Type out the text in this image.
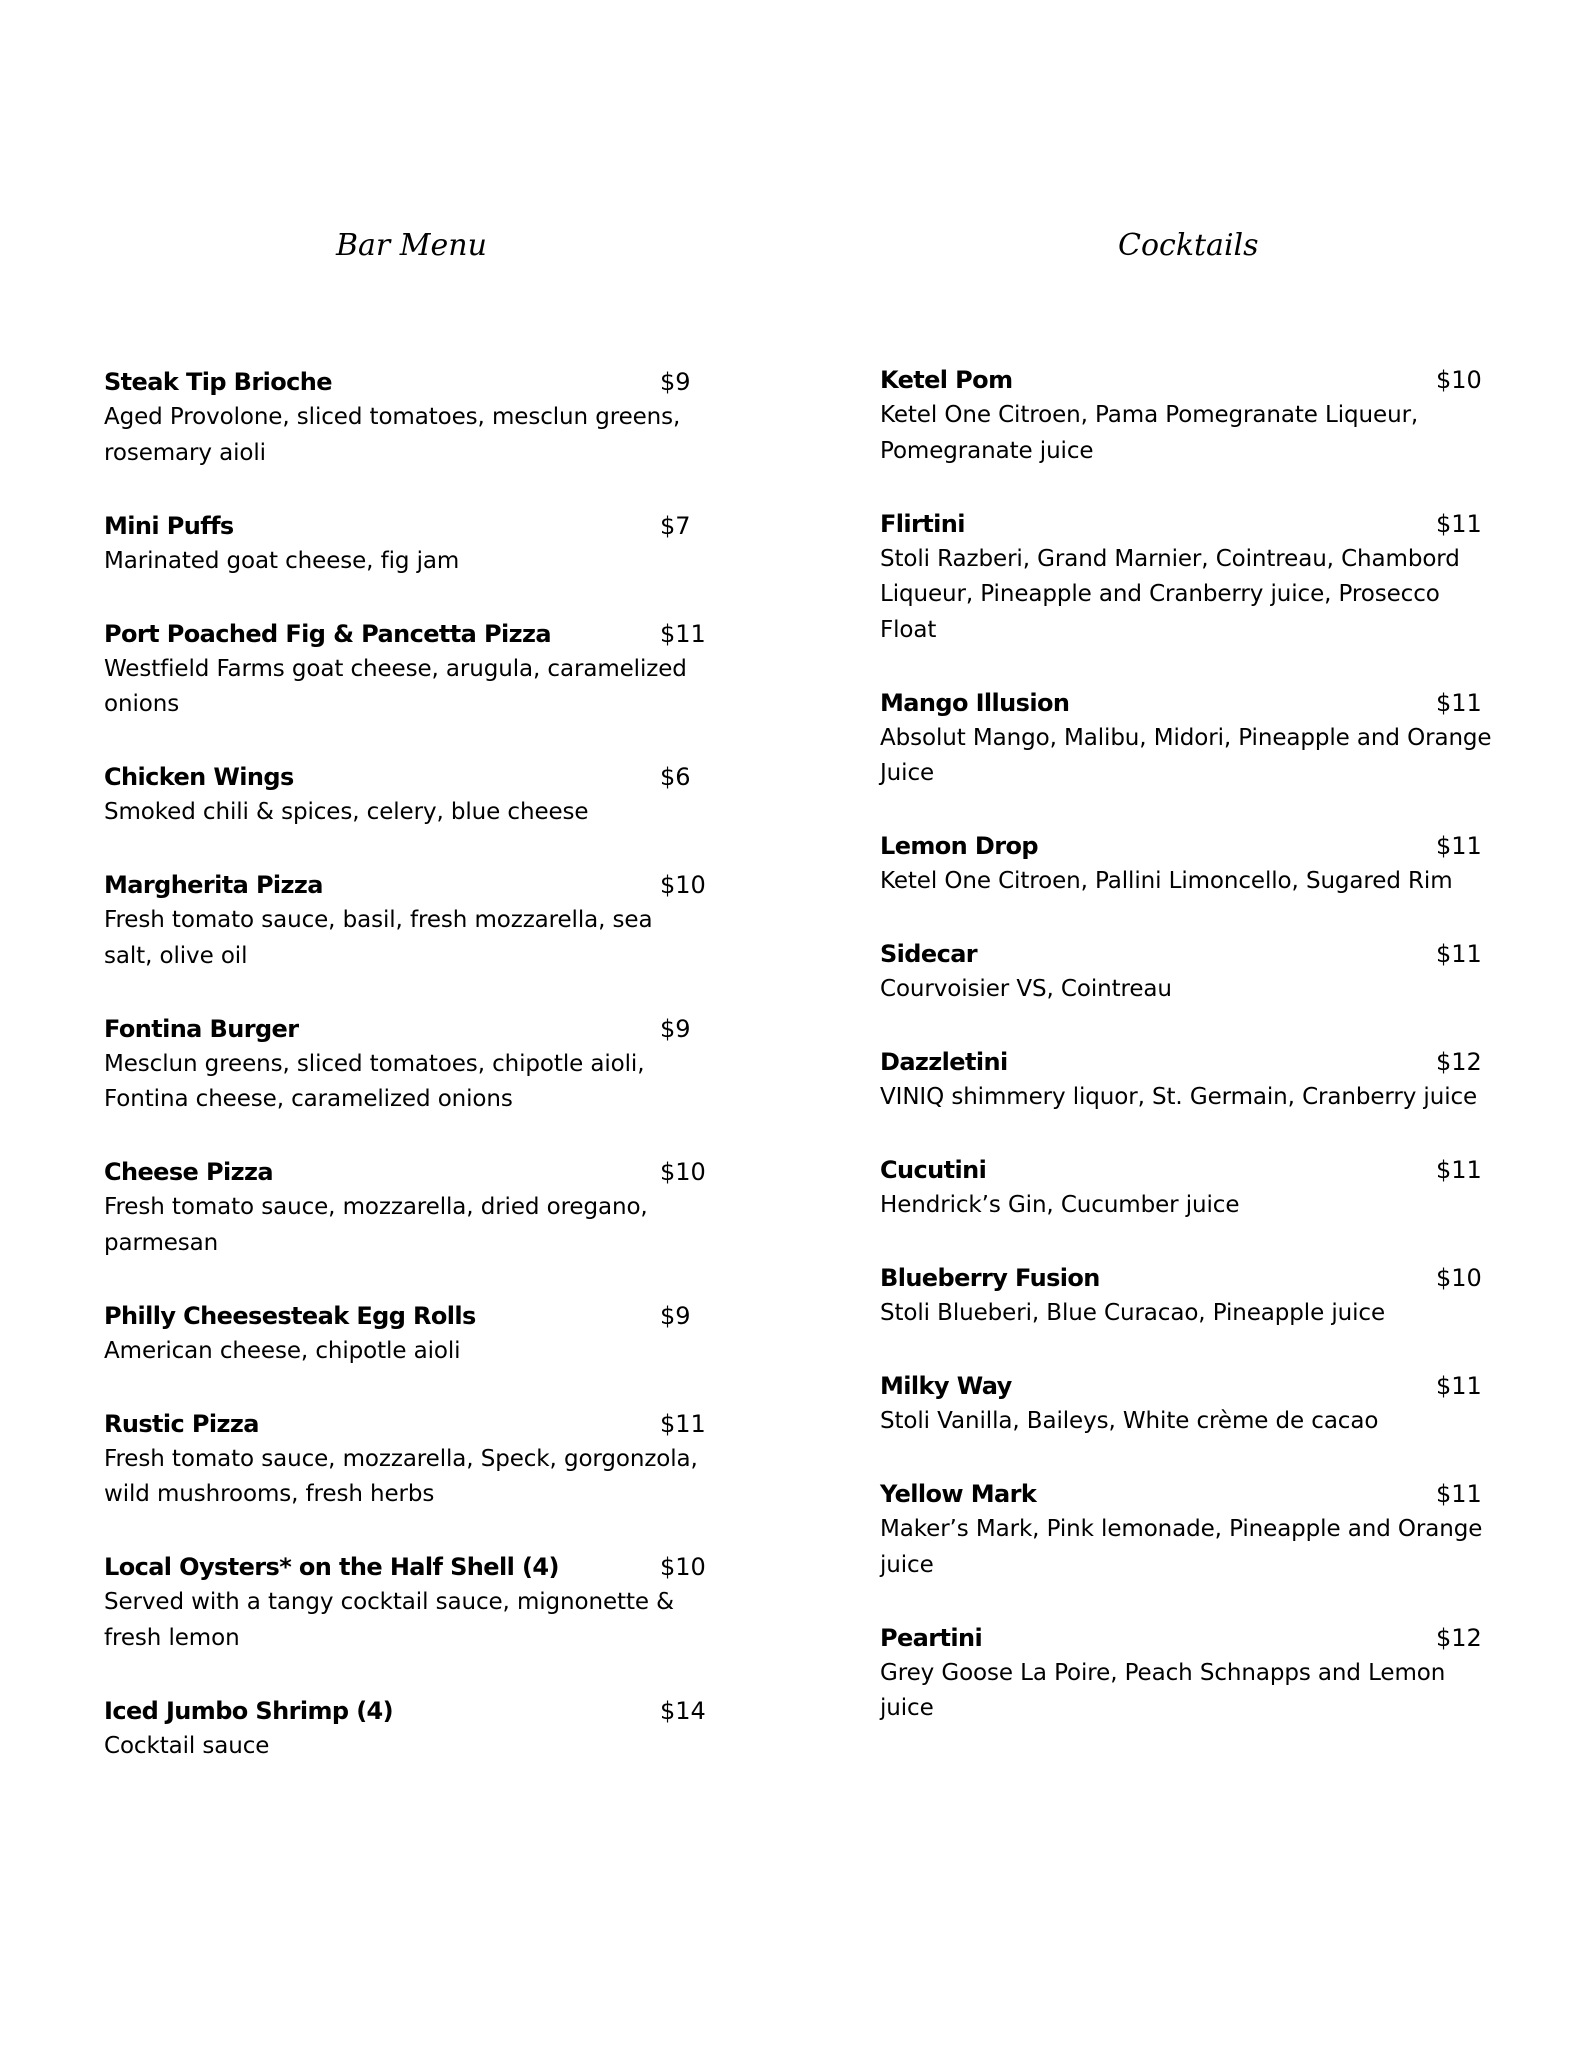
Bar Menu
Steak Tip Brioche	$9
Aged Provolone, sliced tomatoes, mesclun greens, rosemary aioli
Mini Puffs	$7
Marinated goat cheese, fig jam
Port Poached Fig & Pancetta Pizza	$11
Westfield Farms goat cheese, arugula, caramelized onions
Chicken Wings	$6
Smoked chili & spices, celery, blue cheese
Margherita Pizza	$10
Fresh tomato sauce, basil, fresh mozzarella, sea salt, olive oil
Fontina Burger	$9
Mesclun greens, sliced tomatoes, chipotle aioli, Fontina cheese, caramelized onions
Cheese Pizza	$10
Fresh tomato sauce, mozzarella, dried oregano, parmesan
Philly Cheesesteak Egg Rolls	$9
American cheese, chipotle aioli
Rustic Pizza	$11
Fresh tomato sauce, mozzarella, Speck, gorgonzola, wild mushrooms, fresh herbs
Local Oysters* on the Half Shell (4)	$10
Served with a tangy cocktail sauce, mignonette & fresh lemon
Iced Jumbo Shrimp (4)	$14
Cocktail sauce
Cocktails
Ketel Pom	$10
Ketel One Citroen, Pama Pomegranate Liqueur, Pomegranate juice
Flirtini	$11
Stoli Razberi, Grand Marnier, Cointreau, Chambord Liqueur, Pineapple and Cranberry juice, Prosecco Float
Mango Illusion	$11
Absolut Mango, Malibu, Midori, Pineapple and Orange Juice
Lemon Drop	$11
Ketel One Citroen, Pallini Limoncello, Sugared Rim
Sidecar	$11
Courvoisier VS, Cointreau
Dazzletini	$12
VINIQ shimmery liquor, St. Germain, Cranberry juice
Cucutini	$11
Hendrick’s Gin, Cucumber juice
Blueberry Fusion	$10
Stoli Blueberi, Blue Curacao, Pineapple juice
Milky Way	$11
Stoli Vanilla, Baileys, White crème de cacao
Yellow Mark	$11
Maker’s Mark, Pink lemonade, Pineapple and Orange juice
Peartini	$12
Grey Goose La Poire, Peach Schnapps and Lemon juice
